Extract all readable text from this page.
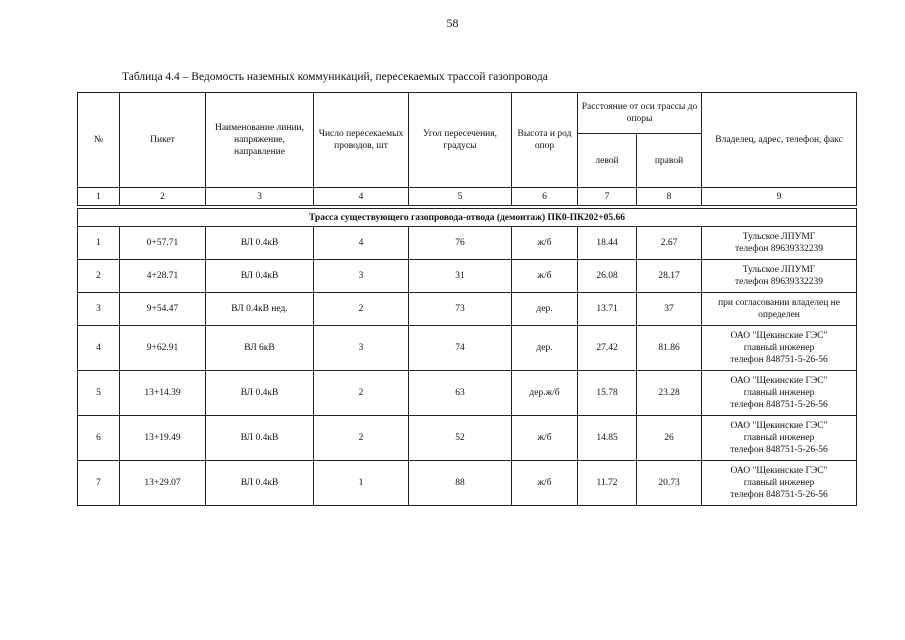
58
Таблица 4.4 – Ведомость наземных коммуникаций, пересекаемых трассой газопровода
№	Пикет	Наименование линии, напряжение, направление	Число пересекаемых проводов, шт	Угол пересечения, градусы	Высота и род опор	Расстояние от оси трассы до опоры		Владелец, адрес, телефон, факс
						левой	правой	
1	2	3	4	5	6	7	8	9

Трасса существующего газопровода-отвода (демонтаж) ПК0-ПК202+05.66								
1	0+57.71	ВЛ 0.4кВ	4	76	ж/б	18.44	2.67	Тульское ЛПУМГ
телефон 89639332239

2	4+28.71	ВЛ 0.4кВ	3	31	ж/б	26.08	28.17	Тульское ЛПУМГ
телефон 89639332239

3	9+54.47	ВЛ 0.4кВ нед.	2	73	дер.	13.71	37	при согласовании владелец не
определен

4	9+62.91	ВЛ 6кВ	3	74	дер.	27.42	81.86	ОАО "Щекинские ГЭС"
главный инженер
телефон 848751-5-26-56

5	13+14.39	ВЛ 0.4кВ	2	63	дер.ж/б	15.78	23.28	ОАО "Щекинские ГЭС"
главный инженер
телефон 848751-5-26-56

6	13+19.49	ВЛ 0.4кВ	2	52	ж/б	14.85	26	ОАО "Щекинские ГЭС"
главный инженер
телефон 848751-5-26-56

7	13+29.07	ВЛ 0.4кВ	1	88	ж/б	11.72	20.73	ОАО "Щекинские ГЭС"
главный инженер
телефон 848751-5-26-56
